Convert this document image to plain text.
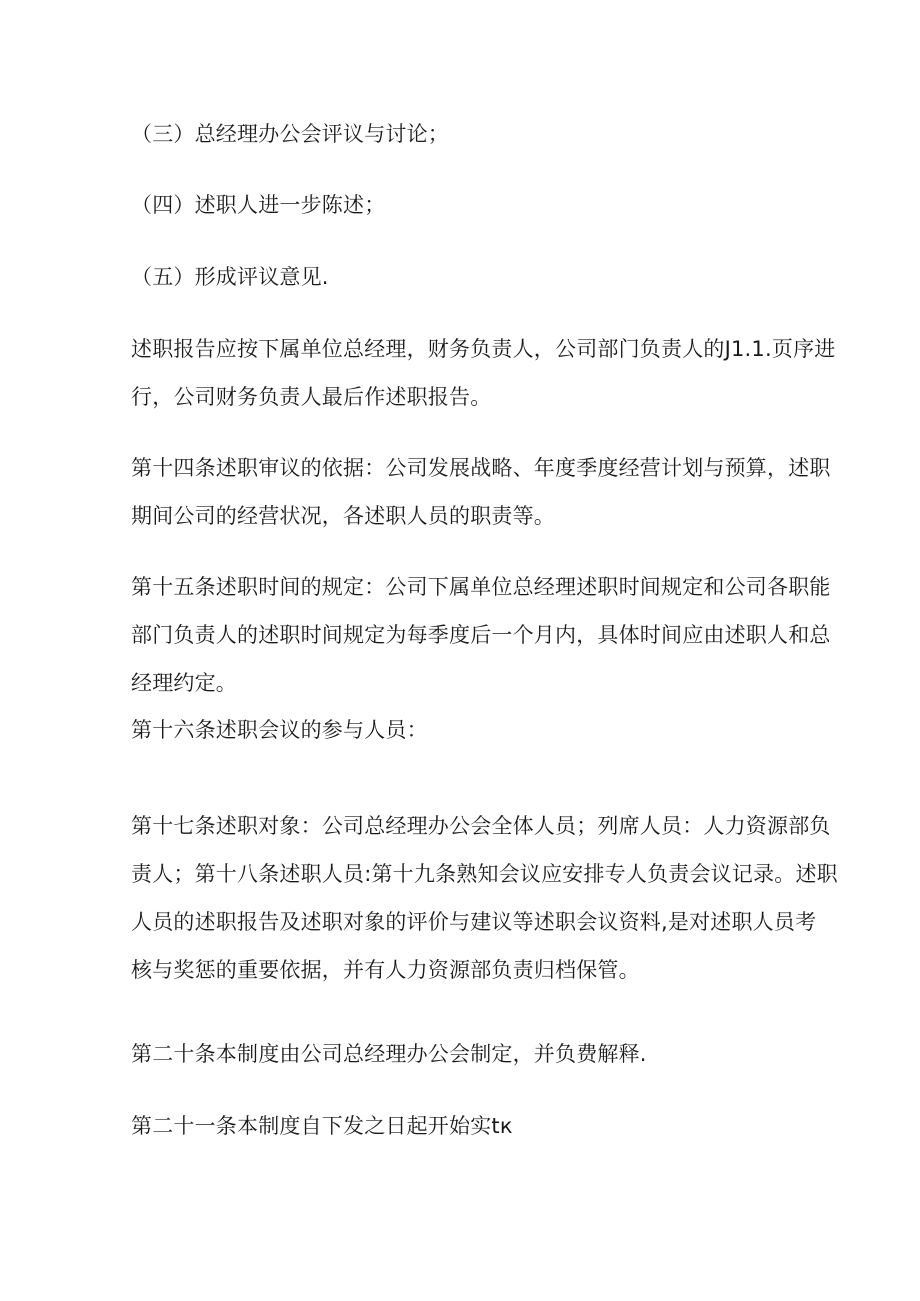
（三）总经理办公会评议与讨论；

（四）述职人进一步陈述；

（五）形成评议意见.

述职报告应按下属单位总经理，财务负责人，公司部门负责人的J1.1.页序进
行，公司财务负责人最后作述职报告。

第十四条述职审议的依据：公司发展战略、年度季度经营计划与预算，述职
期间公司的经营状况，各述职人员的职责等。

第十五条述职时间的规定：公司下属单位总经理述职时间规定和公司各职能
部门负责人的述职时间规定为每季度后一个月内，具体时间应由述职人和总
经理约定。

第十六条述职会议的参与人员：

第十七条述职对象：公司总经理办公会全体人员；列席人员：人力资源部负
责人；第十八条述职人员:第十九条熟知会议应安排专人负责会议记录。述职
人员的述职报告及述职对象的评价与建议等述职会议资料,是对述职人员考
核与奖惩的重要依据，并有人力资源部负责归档保管。

第二十条本制度由公司总经理办公会制定，并负费解释.

第二十一条本制度自下发之日起开始实tк
